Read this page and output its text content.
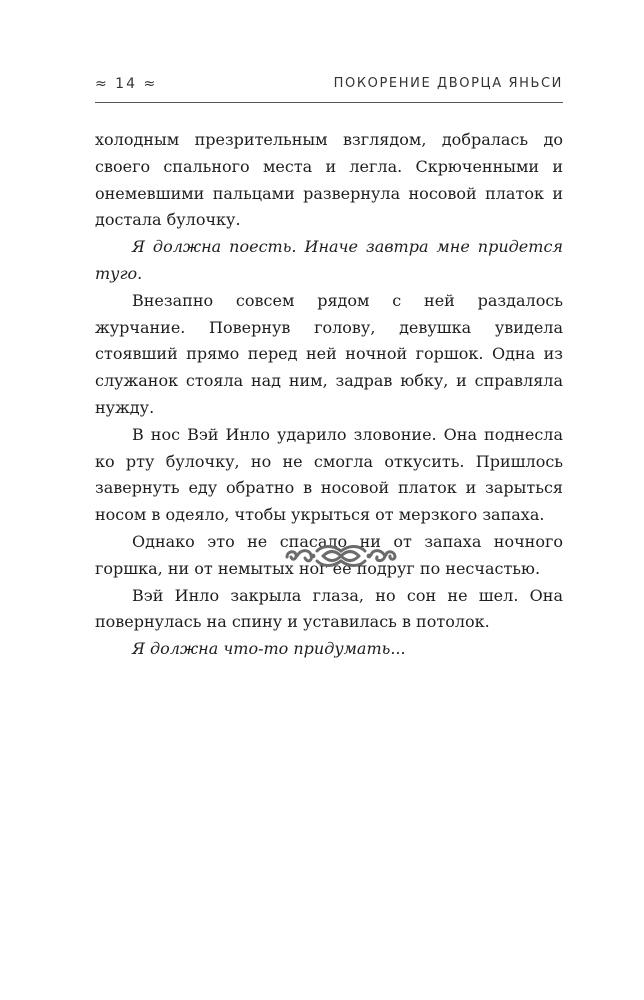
≈ 14 ≈	ПОКОРЕНИЕ ДВОРЦА ЯНЬСИ

холодным презрительным взглядом, добралась до своего спального места и легла. Скрюченными и онемевшими пальцами развернула носовой платок и достала булочку.

Я должна поесть. Иначе завтра мне придется туго.

Внезапно совсем рядом с ней раздалось журчание. Повернув голову, девушка увидела стоявший прямо перед ней ночной горшок. Одна из служанок стояла над ним, задрав юбку, и справляла нужду.

В нос Вэй Инло ударило зловоние. Она поднесла ко рту булочку, но не смогла откусить. Пришлось завернуть еду обратно в носовой платок и зарыться носом в одеяло, чтобы укрыться от мерзкого запаха.

Однако это не спасало ни от запаха ночного горшка, ни от немытых ног ее подруг по несчастью.

Вэй Инло закрыла глаза, но сон не шел. Она повернулась на спину и уставилась в потолок.

Я должна что-то придумать...
